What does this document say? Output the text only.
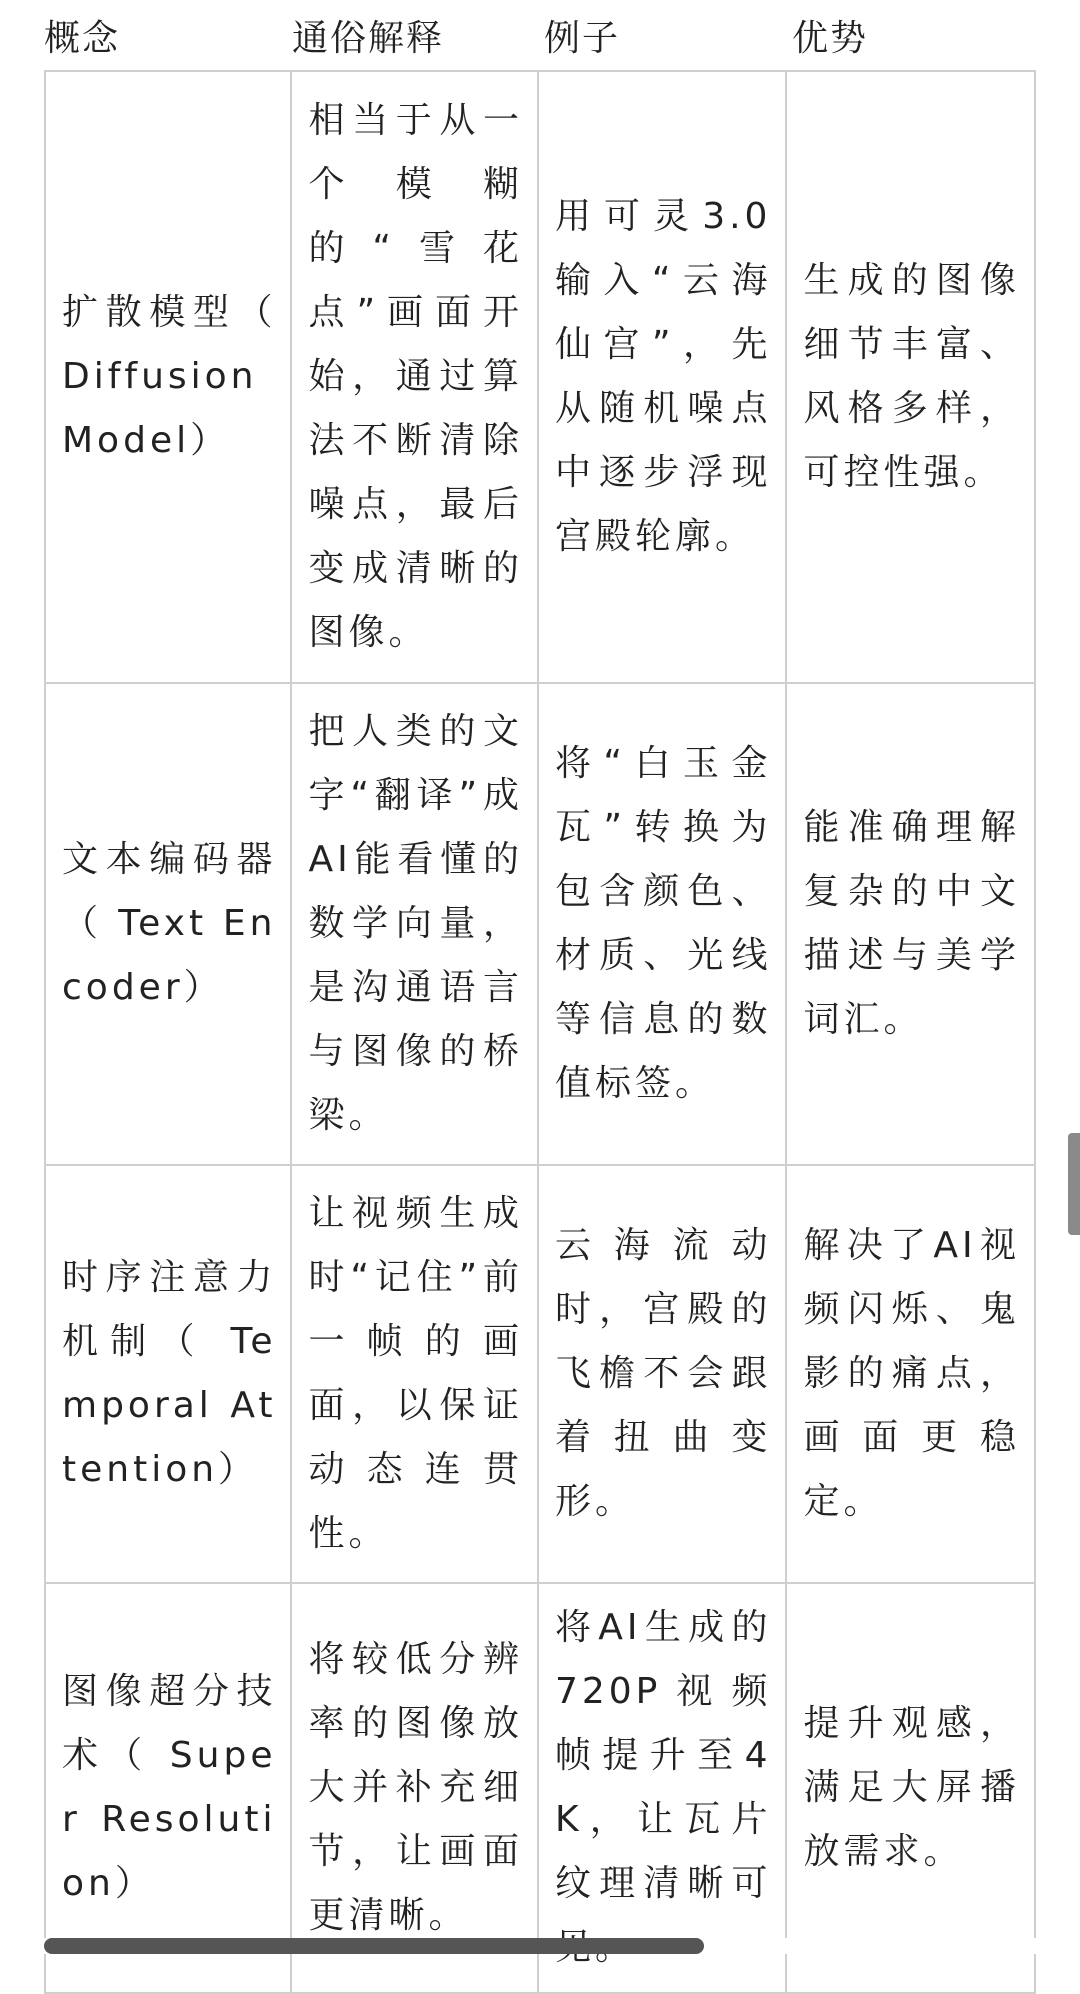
概念	通俗解释	例子	优势
扩散模型（ Diffusion Model）	相当于从一个模糊的“雪花点”画面开始，通过算法不断清除噪点，最后变成清晰的图像。	用可灵3.0输入“云海仙宫”，先从随机噪点中逐步浮现宫殿轮廓。	生成的图像细节丰富、风格多样，可控性强。
文本编码器（ Text Encoder）	把人类的文字“翻译”成AI能看懂的数学向量，是沟通语言与图像的桥梁。	将“白玉金瓦”转换为包含颜色、材质、光线等信息的数值标签。	能准确理解复杂的中文描述与美学词汇。
时序注意力机制（ Temporal Attention）	让视频生成时“记住”前一帧的画面，以保证动态连贯性。	云海流动时，宫殿的飞檐不会跟着扭曲变形。	解决了AI视频闪烁、鬼影的痛点，画面更稳定。
图像超分技术（ Super Resolution）	将较低分辨率的图像放大并补充细节，让画面更清晰。	将AI生成的720P视频帧提升至4K，让瓦片纹理清晰可	提升观感，满足大屏播放需求。
